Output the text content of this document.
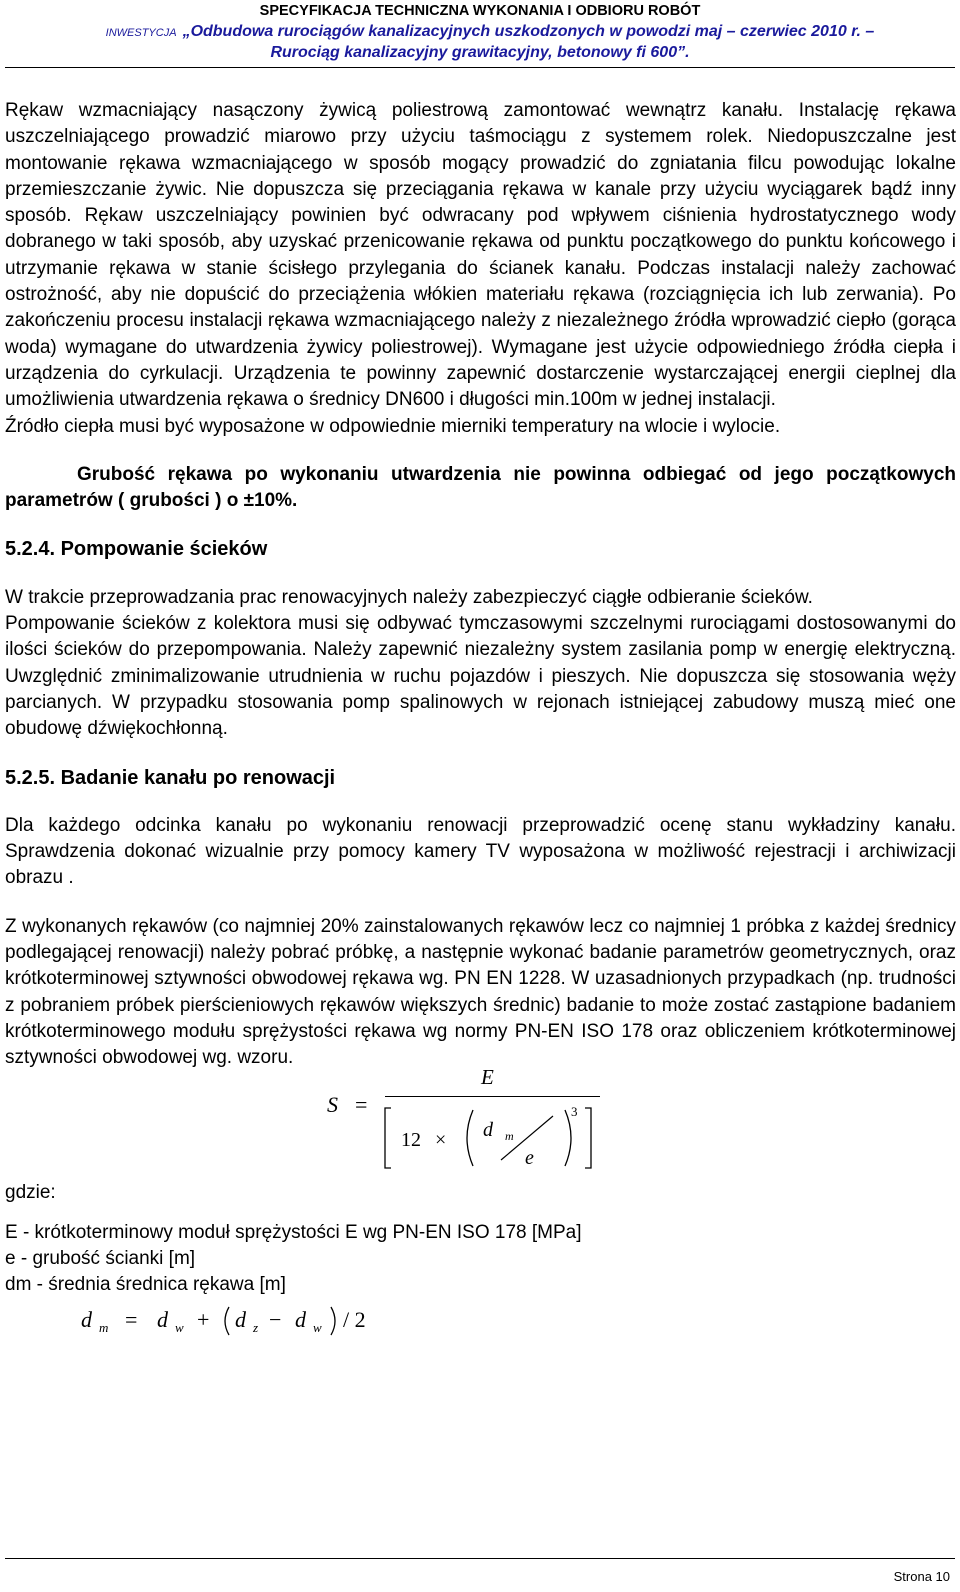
SPECYFIKACJA TECHNICZNA WYKONANIA I ODBIORU ROBÓT
INWESTYCJA „Odbudowa rurociągów kanalizacyjnych uszkodzonych w powodzi maj – czerwiec 2010 r. –
Rurociąg kanalizacyjny grawitacyjny, betonowy fi 600”.

Rękaw wzmacniający nasączony żywicą poliestrową zamontować wewnątrz kanału. Instalację rękawa uszczelniającego prowadzić miarowo przy użyciu taśmociągu z systemem rolek. Niedopuszczalne jest montowanie rękawa wzmacniającego w sposób mogący prowadzić do zgniatania filcu powodując lokalne przemieszczanie żywic. Nie dopuszcza się przeciągania rękawa w kanale przy użyciu wyciągarek bądź inny sposób. Rękaw uszczelniający powinien być odwracany pod wpływem ciśnienia hydrostatycznego wody dobranego w taki sposób, aby uzyskać przenicowanie rękawa od punktu początkowego do punktu końcowego i utrzymanie rękawa w stanie ścisłego przylegania do ścianek kanału. Podczas instalacji należy zachować ostrożność, aby nie dopuścić do przeciążenia włókien materiału rękawa (rozciągnięcia ich lub zerwania). Po zakończeniu procesu instalacji rękawa wzmacniającego należy z niezależnego źródła wprowadzić ciepło (gorąca woda) wymagane do utwardzenia żywicy poliestrowej). Wymagane jest użycie odpowiedniego źródła ciepła i urządzenia do cyrkulacji. Urządzenia te powinny zapewnić dostarczenie wystarczającej energii cieplnej dla umożliwienia utwardzenia rękawa o średnicy DN600 i długości min.100m w jednej instalacji.

Źródło ciepła musi być wyposażone w odpowiednie mierniki temperatury na wlocie i wylocie.

Grubość rękawa po wykonaniu utwardzenia nie powinna odbiegać od jego początkowych parametrów ( grubości ) o ±10%.

5.2.4. Pompowanie ścieków

W trakcie przeprowadzania prac renowacyjnych należy zabezpieczyć ciągłe odbieranie ścieków.

Pompowanie ścieków z kolektora musi się odbywać tymczasowymi szczelnymi rurociągami dostosowanymi do ilości ścieków do przepompowania. Należy zapewnić niezależny system zasilania pomp w energię elektryczną. Uwzględnić zminimalizowanie utrudnienia w ruchu pojazdów i pieszych. Nie dopuszcza się stosowania węży parcianych. W przypadku stosowania pomp spalinowych w rejonach istniejącej zabudowy muszą mieć one obudowę dźwiękochłonną.

5.2.5. Badanie kanału po renowacji

Dla każdego odcinka kanału po wykonaniu renowacji przeprowadzić ocenę stanu wykładziny kanału. Sprawdzenia dokonać wizualnie przy pomocy kamery TV wyposażona w możliwość rejestracji i archiwizacji obrazu .

Z wykonanych rękawów (co najmniej 20% zainstalowanych rękawów lecz co najmniej 1 próbka z każdej średnicy podlegającej renowacji) należy pobrać próbkę, a następnie wykonać badanie parametrów geometrycznych, oraz krótkoterminowej sztywności obwodowej rękawa wg. PN EN 1228. W uzasadnionych przypadkach (np. trudności z pobraniem próbek pierścieniowych rękawów większych średnic) badanie to może zostać zastąpione badaniem krótkoterminowego modułu sprężystości rękawa wg normy PN-EN ISO 178 oraz obliczeniem krótkoterminowej sztywności obwodowej wg. wzoru.

S =
E
12 × d m
e
3

gdzie:

E - krótkoterminowy moduł sprężystości E wg PN-EN ISO 178 [MPa]

e - grubość ścianki [m]

dm - średnia średnica rękawa [m]

d m = d w + d z − d w / 2
Strona 10
